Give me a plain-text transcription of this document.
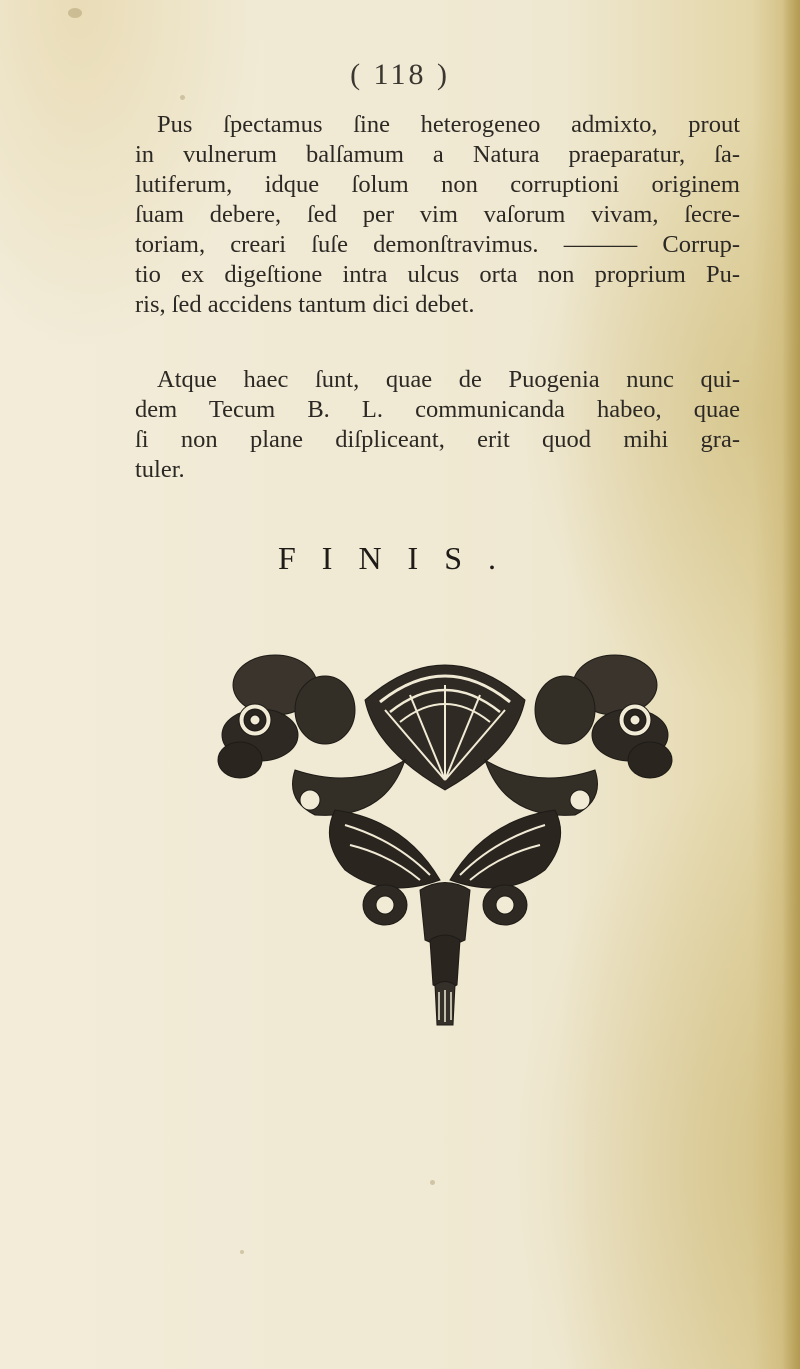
( 118 )
Pus ſpectamus ſine heterogeneo admixto, prout
in vulnerum balſamum a Natura praeparatur, ſa-
lutiferum, idque ſolum non corruptioni originem
ſuam debere, ſed per vim vaſorum vivam, ſecre-
toriam, creari ſuſe demonſtravimus. ——— Corrup-
tio ex digeſtione intra ulcus orta non proprium Pu-
ris, ſed accidens tantum dici debet.
Atque haec ſunt, quae de Puogenia nunc qui-
dem Tecum B. L. communicanda habeo, quae
ſi non plane diſpliceant, erit quod mihi gra-
tuler.
FINIS.
